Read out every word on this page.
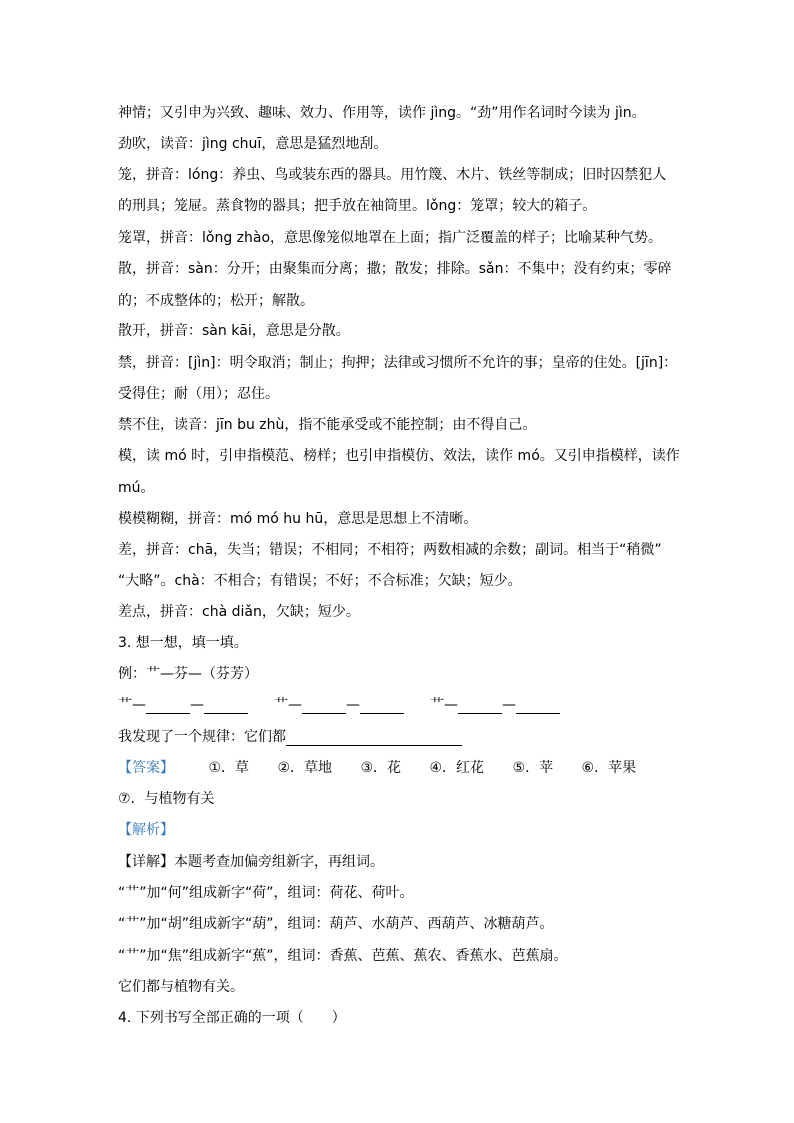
神情；又引申为兴致、趣味、效力、作用等，读作 jìng。“劲”用作名词时今读为 jìn。
劲吹，读音：jìng chuī，意思是猛烈地刮。
笼，拼音：lóng：养虫、鸟或装东西的器具。用竹篾、木片、铁丝等制成；旧时囚禁犯人
的刑具；笼屉。蒸食物的器具；把手放在袖筒里。lǒng：笼罩；较大的箱子。
笼罩，拼音：lǒng zhào，意思像笼似地罩在上面；指广泛覆盖的样子；比喻某种气势。
散，拼音：sàn：分开；由聚集而分离；撒；散发；排除。sǎn：不集中；没有约束；零碎
的；不成整体的；松开；解散。
散开，拼音：sàn kāi，意思是分散。
禁，拼音：[jìn]：明令取消；制止；拘押；法律或习惯所不允许的事；皇帝的住处。[jīn]：
受得住；耐（用）；忍住。
禁不住，读音：jīn bu zhù，指不能承受或不能控制；由不得自己。
模，读 mó 时，引申指模范、榜样；也引申指模仿、效法，读作 mó。又引申指模样，读作
mú。
模模糊糊，拼音：mó mó hu hū，意思是思想上不清晰。
差，拼音：chā，失当；错误；不相同；不相符；两数相减的余数；副词。相当于“稍微”
“大略”。chà：不相合；有错误；不好；不合标准；欠缺；短少。
差点，拼音：chà diǎn，欠缺；短少。
3. 想一想，填一填。
例：艹—芬—（芬芳）
艹—	—	艹—	—	艹—	—
我发现了一个规律：它们都
【答案】 ①．草 ②．草地 ③．花 ④．红花 ⑤．苹 ⑥．苹果
⑦．与植物有关
【解析】
【详解】本题考查加偏旁组新字，再组词。
“艹”加“何”组成新字“荷”，组词：荷花、荷叶。
“艹”加“胡”组成新字“葫”，组词：葫芦、水葫芦、西葫芦、冰糖葫芦。
“艹”加“焦”组成新字“蕉”，组词：香蕉、芭蕉、蕉农、香蕉水、芭蕉扇。
它们都与植物有关。
4. 下列书写全部正确的一项（　　）
